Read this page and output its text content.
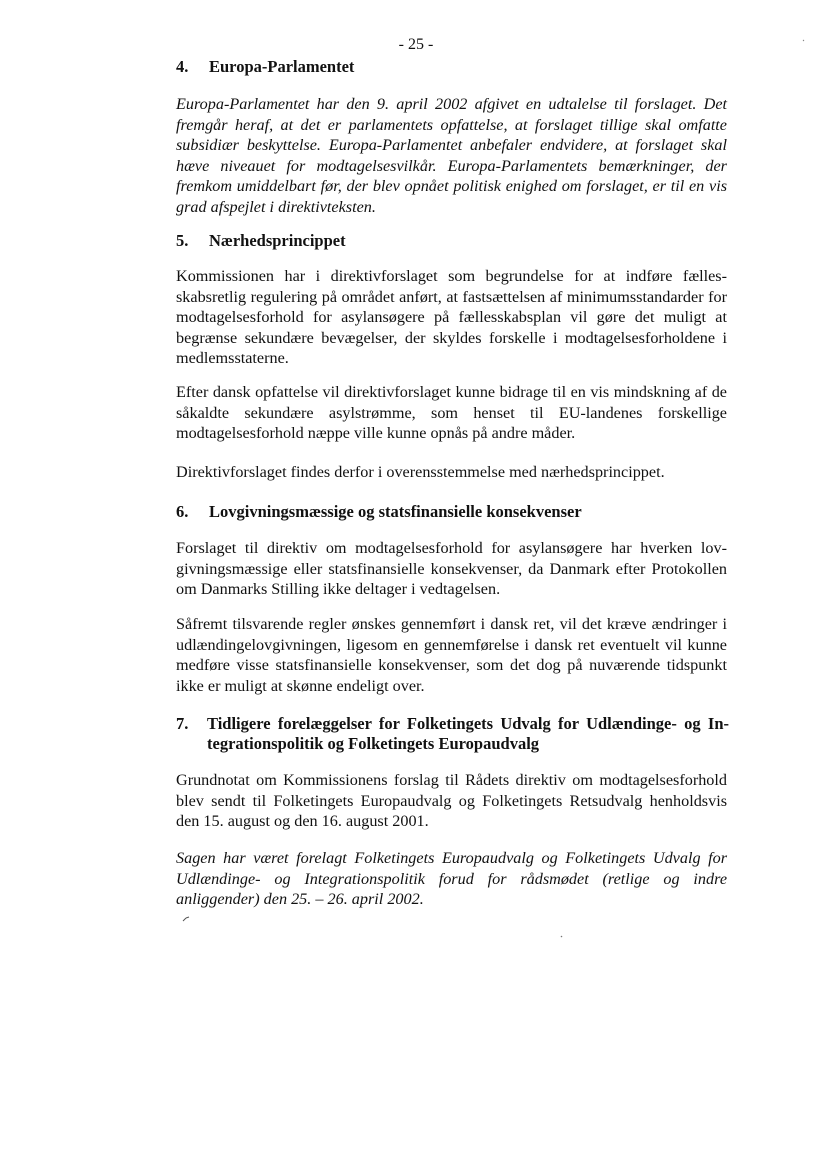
- 25 -
4. Europa-Parlamentet
Europa-Parlamentet har den 9. april 2002 afgivet en udtalelse til forslaget. Det fremgår heraf, at det er parlamentets opfattelse, at forslaget tillige skal omfatte subsidiær beskyttelse. Europa-Parlamentet anbefaler endvidere, at forslaget skal hæve niveauet for modtagelsesvilkår. Europa-Parlamentets bemærkninger, der fremkom umiddelbart før, der blev opnået politisk enighed om forslaget, er til en vis grad afspejlet i direktivteksten.
5. Nærhedsprincippet
Kommissionen har i direktivforslaget som begrundelse for at indføre fællesskabsretlig regulering på området anført, at fastsættelsen af minimumsstandarder for modtagelsesforhold for asylansøgere på fællesskabsplan vil gøre det muligt at begrænse sekundære bevægelser, der skyldes forskelle i modtagelsesforholdene i medlemsstaterne.
Efter dansk opfattelse vil direktivforslaget kunne bidrage til en vis mindskning af de såkaldte sekundære asylstrømme, som henset til EU-landenes forskellige modtagelsesforhold næppe ville kunne opnås på andre måder.
Direktivforslaget findes derfor i overensstemmelse med nærhedsprincippet.
6. Lovgivningsmæssige og statsfinansielle konsekvenser
Forslaget til direktiv om modtagelsesforhold for asylansøgere har hverken lovgivningsmæssige eller statsfinansielle konsekvenser, da Danmark efter Protokollen om Danmarks Stilling ikke deltager i vedtagelsen.
Såfremt tilsvarende regler ønskes gennemført i dansk ret, vil det kræve ændringer i udlændingelovgivningen, ligesom en gennemførelse i dansk ret eventuelt vil kunne medføre visse statsfinansielle konsekvenser, som det dog på nuværende tidspunkt ikke er muligt at skønne endeligt over.
7.	Tidligere forelæggelser for Folketingets Udvalg for Udlændinge- og Integrationspolitik og Folketingets Europaudvalg
Grundnotat om Kommissionens forslag til Rådets direktiv om modtagelsesforhold blev sendt til Folketingets Europaudvalg og Folketingets Retsudvalg henholdsvis den 15. august og den 16. august 2001.
Sagen har været forelagt Folketingets Europaudvalg og Folketingets Udvalg for Udlændinge- og Integrationspolitik forud for rådsmødet (retlige og indre anliggender) den 25. – 26. april 2002.
